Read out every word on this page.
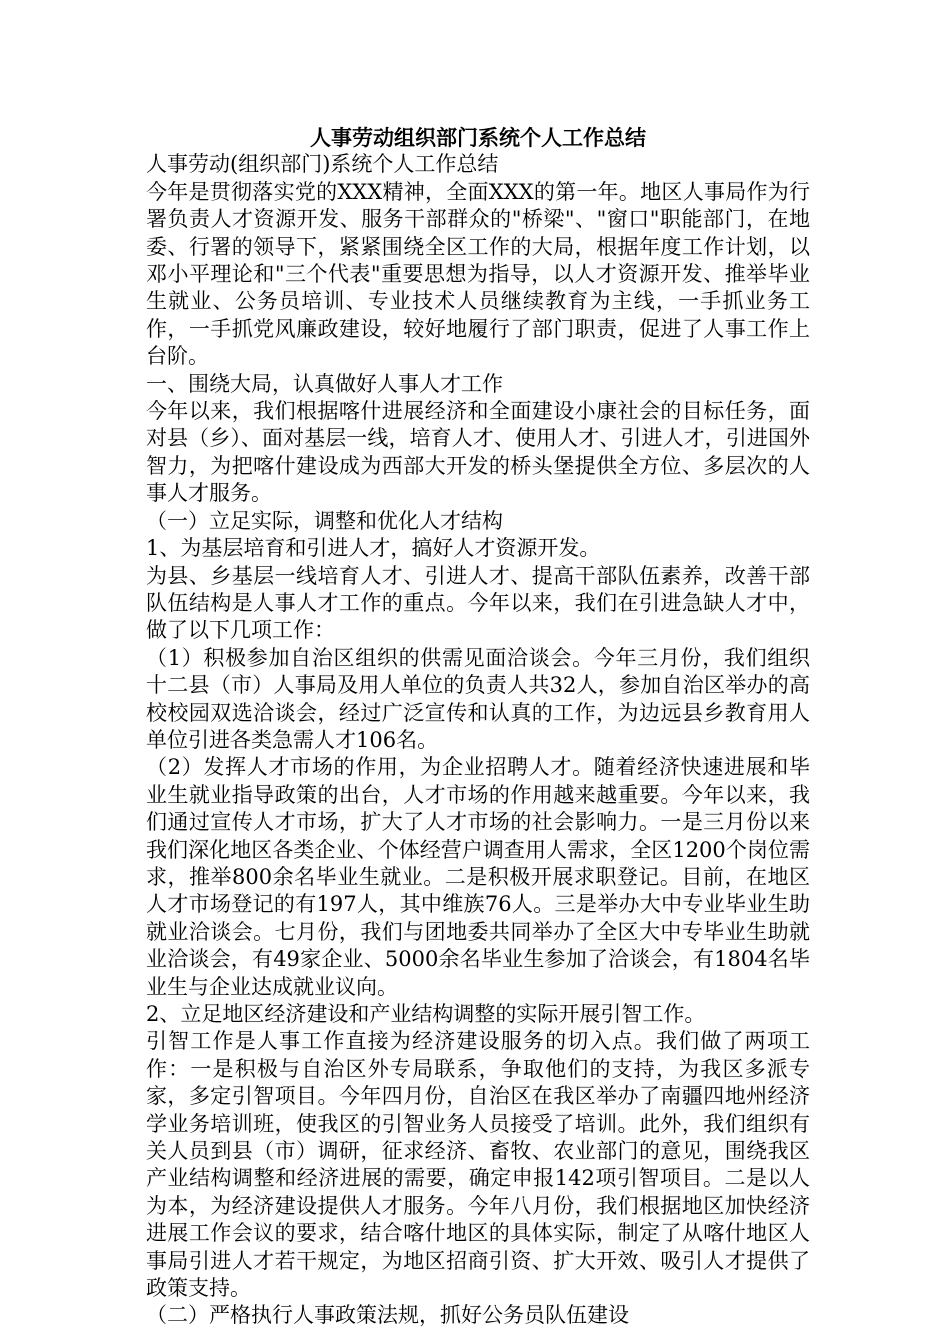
人事劳动组织部门系统个人工作总结

人事劳动(组织部门)系统个人工作总结

今年是贯彻落实党的XXX精神，全面XXX的第一年。地区人事局作为行署负责人才资源开发、服务干部群众的"桥梁"、"窗口"职能部门，在地委、行署的领导下，紧紧围绕全区工作的大局，根据年度工作计划，以邓小平理论和"三个代表"重要思想为指导，以人才资源开发、推举毕业生就业、公务员培训、专业技术人员继续教育为主线，一手抓业务工作，一手抓党风廉政建设，较好地履行了部门职责，促进了人事工作上台阶。

一、围绕大局，认真做好人事人才工作

今年以来，我们根据喀什进展经济和全面建设小康社会的目标任务，面对县（乡）、面对基层一线，培育人才、使用人才、引进人才，引进国外智力，为把喀什建设成为西部大开发的桥头堡提供全方位、多层次的人事人才服务。

（一）立足实际，调整和优化人才结构

1、为基层培育和引进人才，搞好人才资源开发。

为县、乡基层一线培育人才、引进人才、提高干部队伍素养，改善干部队伍结构是人事人才工作的重点。今年以来，我们在引进急缺人才中，做了以下几项工作：

（1）积极参加自治区组织的供需见面洽谈会。今年三月份，我们组织十二县（市）人事局及用人单位的负责人共32人，参加自治区举办的高校校园双选洽谈会，经过广泛宣传和认真的工作，为边远县乡教育用人单位引进各类急需人才106名。

（2）发挥人才市场的作用，为企业招聘人才。随着经济快速进展和毕业生就业指导政策的出台，人才市场的作用越来越重要。今年以来，我们通过宣传人才市场，扩大了人才市场的社会影响力。一是三月份以来我们深化地区各类企业、个体经营户调查用人需求，全区1200个岗位需求，推举800余名毕业生就业。二是积极开展求职登记。目前，在地区人才市场登记的有197人，其中维族76人。三是举办大中专业毕业生助就业洽谈会。七月份，我们与团地委共同举办了全区大中专毕业生助就业洽谈会，有49家企业、5000余名毕业生参加了洽谈会，有1804名毕业生与企业达成就业议向。

2、立足地区经济建设和产业结构调整的实际开展引智工作。

引智工作是人事工作直接为经济建设服务的切入点。我们做了两项工作：一是积极与自治区外专局联系，争取他们的支持，为我区多派专家，多定引智项目。今年四月份，自治区在我区举办了南疆四地州经济学业务培训班，使我区的引智业务人员接受了培训。此外，我们组织有关人员到县（市）调研，征求经济、畜牧、农业部门的意见，围绕我区产业结构调整和经济进展的需要，确定申报142项引智项目。二是以人为本，为经济建设提供人才服务。今年八月份，我们根据地区加快经济进展工作会议的要求，结合喀什地区的具体实际，制定了从喀什地区人事局引进人才若干规定，为地区招商引资、扩大开效、吸引人才提供了政策支持。

（二）严格执行人事政策法规，抓好公务员队伍建设
